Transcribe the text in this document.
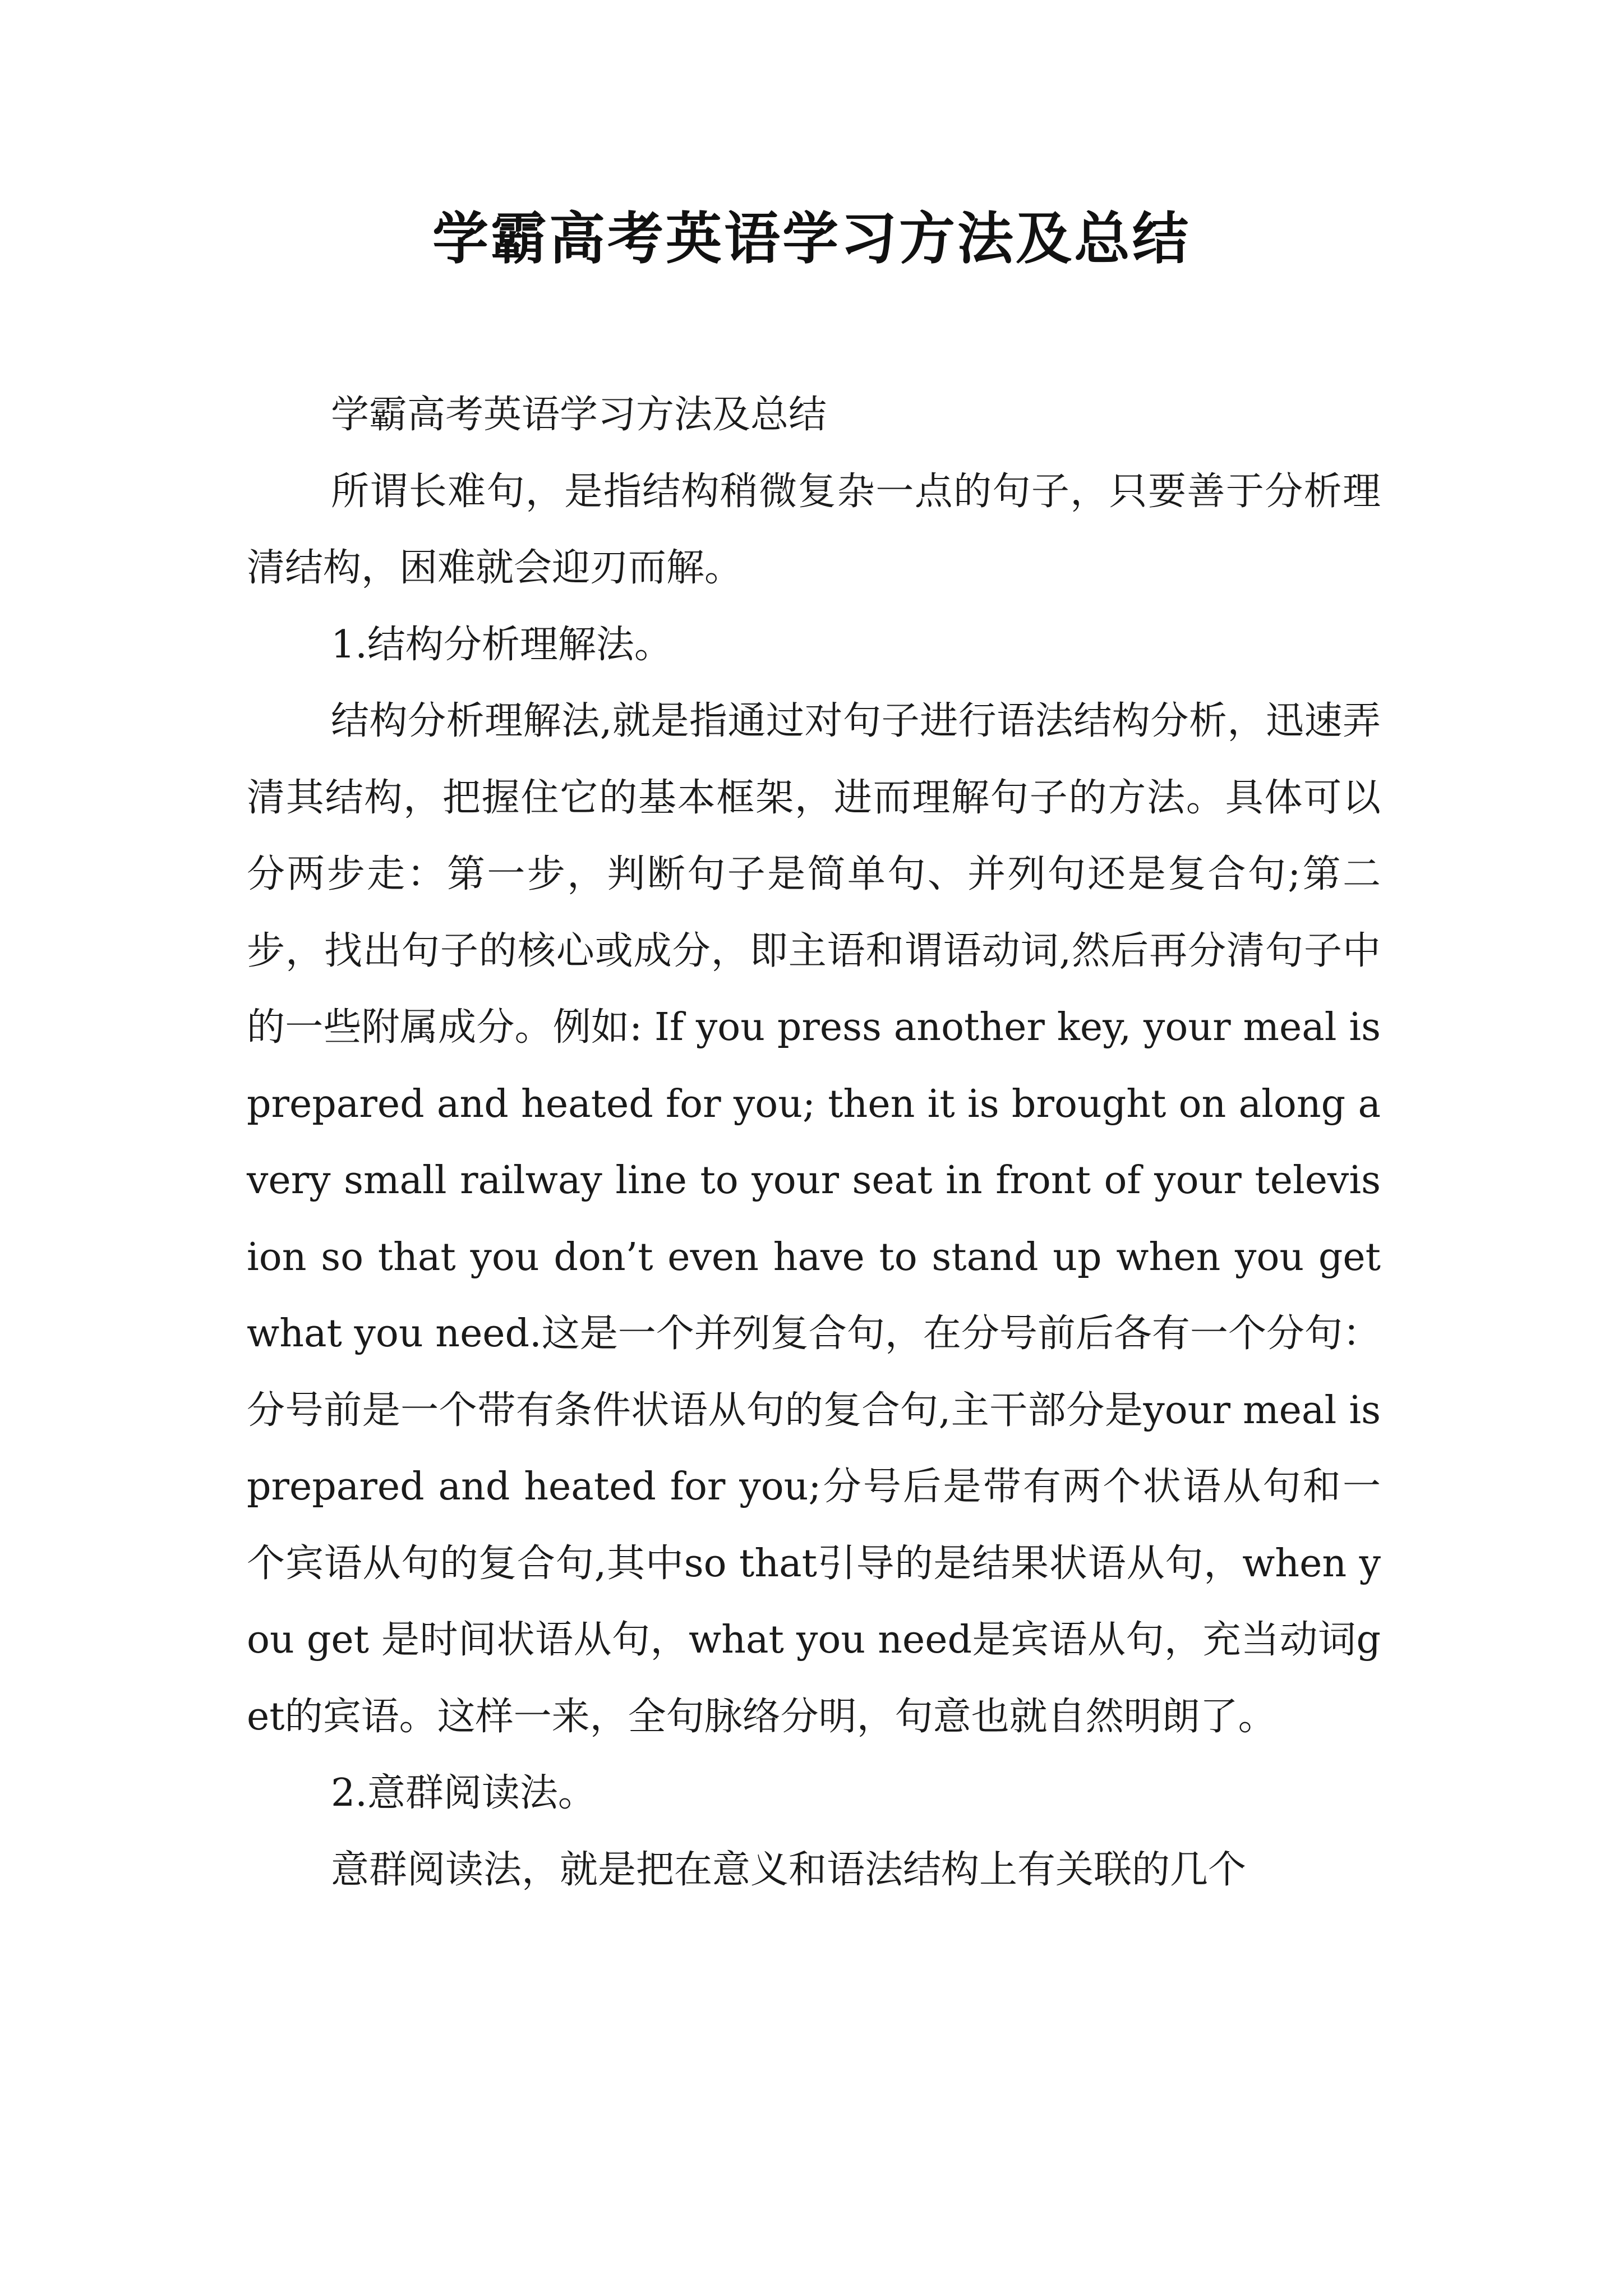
学霸高考英语学习方法及总结

学霸高考英语学习方法及总结

所谓长难句，是指结构稍微复杂一点的句子，只要善于分析理清结构，困难就会迎刃而解。

1.结构分析理解法。

结构分析理解法,就是指通过对句子进行语法结构分析，迅速弄清其结构，把握住它的基本框架，进而理解句子的方法。具体可以分两步走：第一步，判断句子是简单句、并列句还是复合句;第二步，找出句子的核心或成分，即主语和谓语动词,然后再分清句子中的一些附属成分。例如: If you press another key, your meal is prepared and heated for you; then it is brought on along a very small railway line to your seat in front of your television so that you don’t even have to stand up when you get what you need.这是一个并列复合句，在分号前后各有一个分句：分号前是一个带有条件状语从句的复合句,主干部分是your meal is prepared and heated for you;分号后是带有两个状语从句和一个宾语从句的复合句,其中so that引导的是结果状语从句，when you get 是时间状语从句，what you need是宾语从句，充当动词get的宾语。这样一来，全句脉络分明，句意也就自然明朗了。

2.意群阅读法。

意群阅读法，就是把在意义和语法结构上有关联的几个
